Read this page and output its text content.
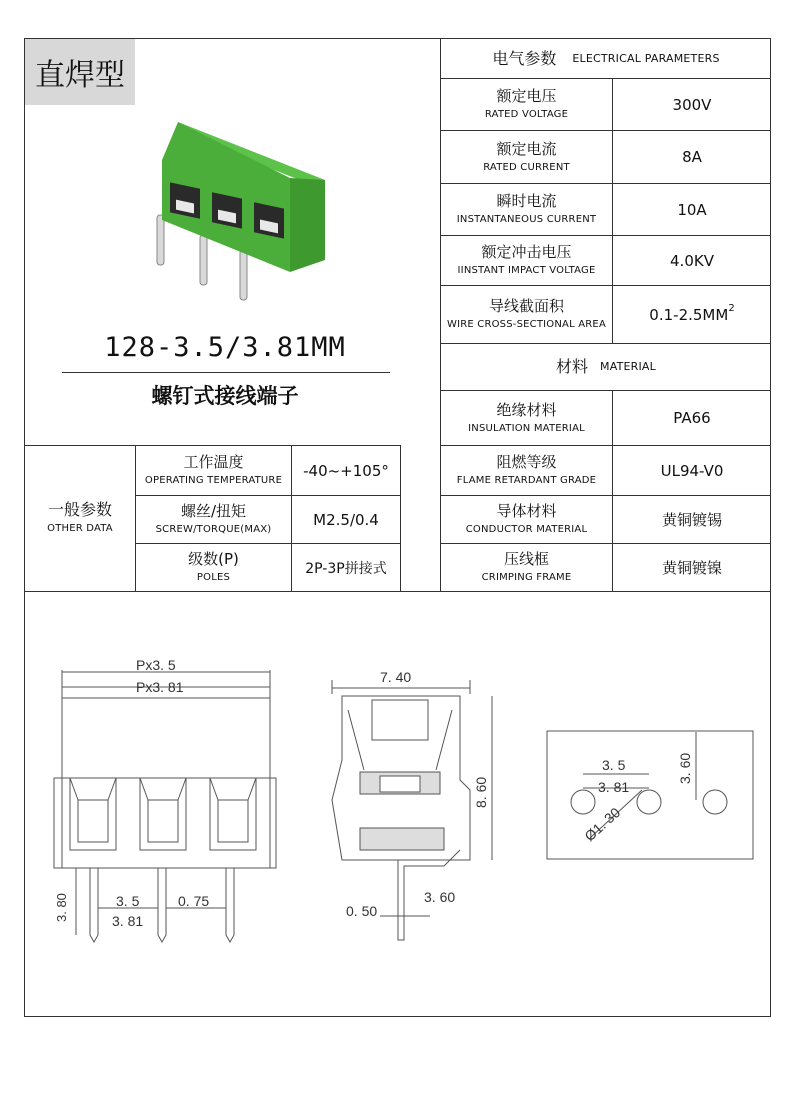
直焊型
128-3.5/3.81MM
螺钉式接线端子
电气参数 ELECTRICAL PARAMETERS
额定电压
RATED VOLTAGE
300V
额定电流
RATED CURRENT
8A
瞬时电流
INSTANTANEOUS CURRENT
10A
额定冲击电压
IINSTANT IMPACT VOLTAGE
4.0KV
导线截面积
WIRE CROSS-SECTIONAL AREA
$0.1-2.5MM^2$
材料 MATERIAL
绝缘材料
INSULATION MATERIAL
PA66
阻燃等级
FLAME RETARDANT GRADE
UL94-V0
导体材料
CONDUCTOR MATERIAL
黄铜镀锡
压线框
CRIMPING FRAME
黄铜镀镍
一般参数
OTHER DATA
工作温度
OPERATING TEMPERATURE
-40~+105°
螺丝/扭矩
SCREW/TORQUE(MAX)
M2.5/0.4
级数(P)
POLES
2P-3P拼接式
Px3. 5
Px3. 81
3. 80	3. 5
3. 81
0. 75
7. 40
8. 60
0. 50
3. 60
3. 5
3. 81
3. 60
Ø1. 30
